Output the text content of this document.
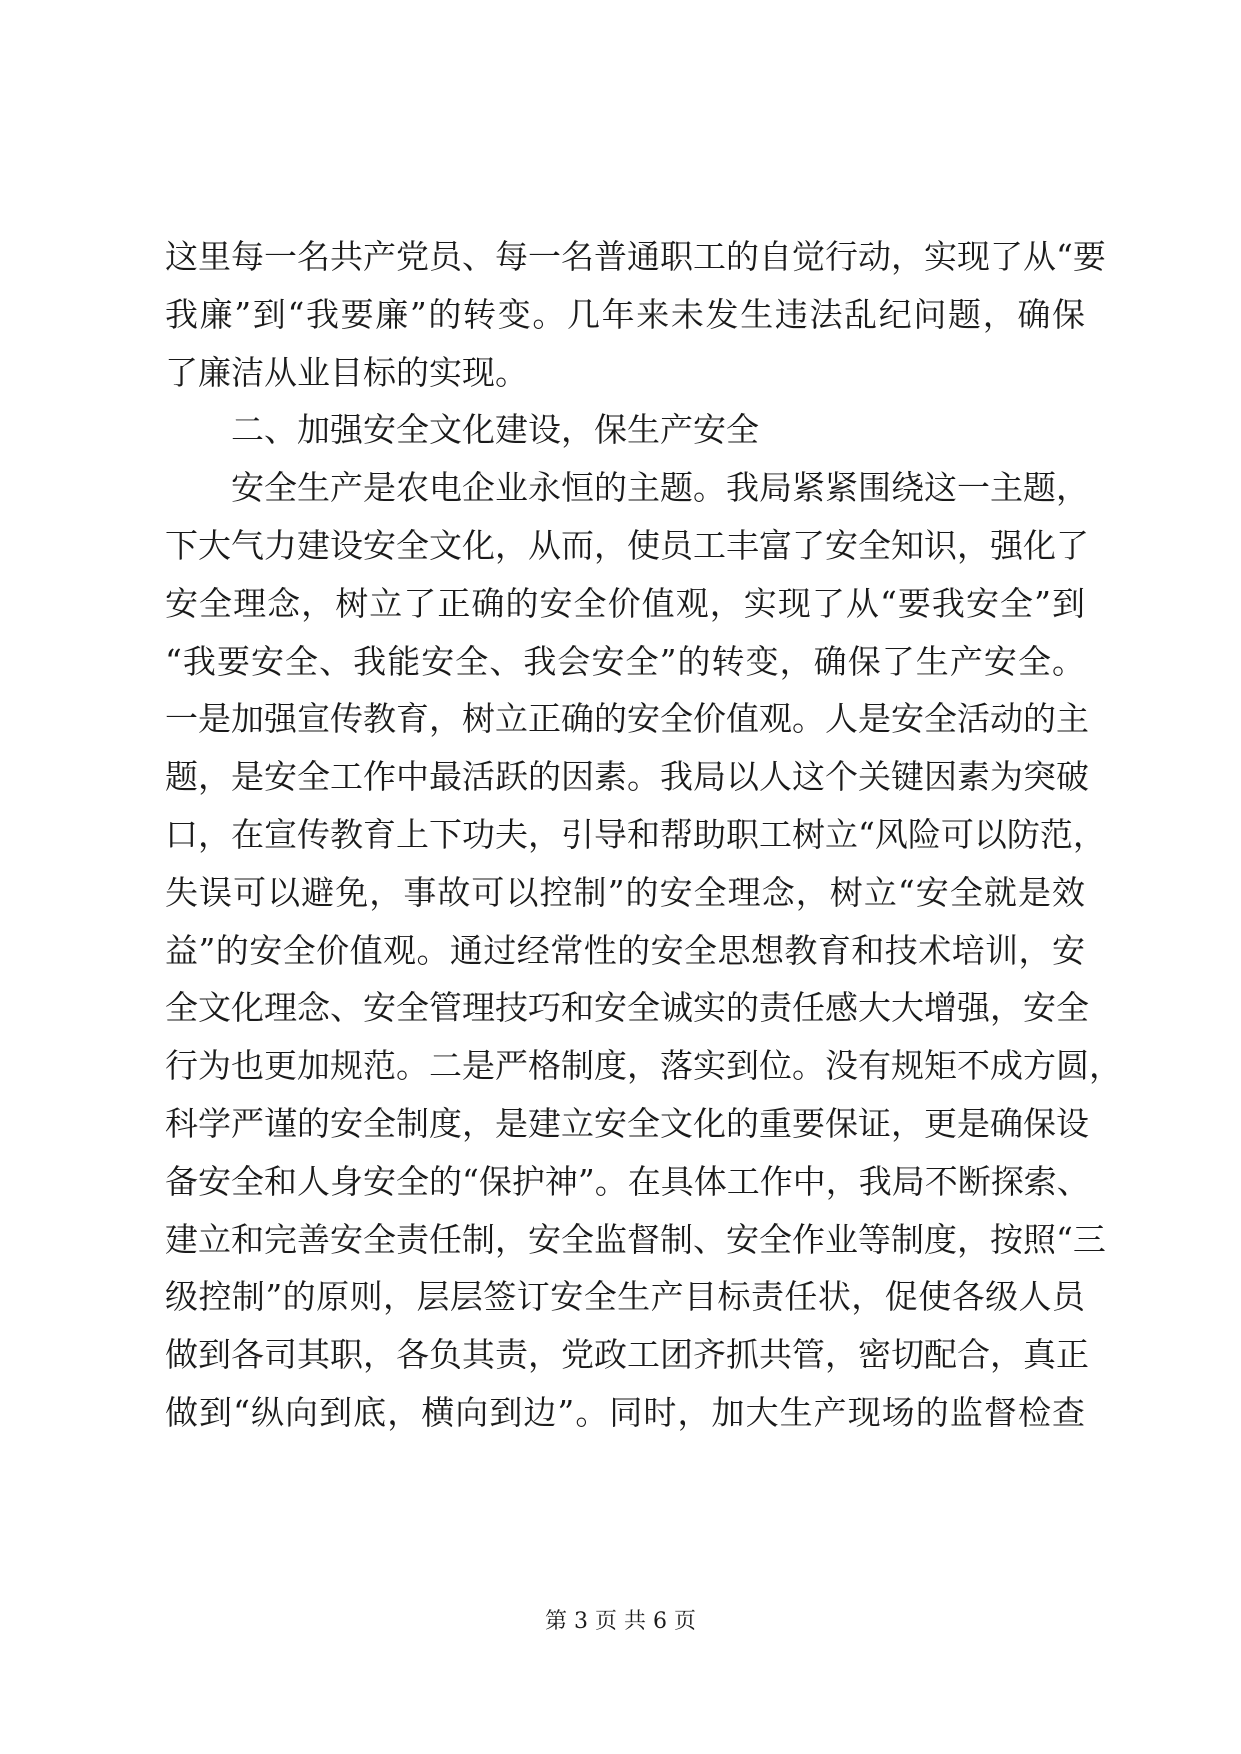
这里每一名共产党员、每一名普通职工的自觉行动，实现了从“要
我廉”到“我要廉”的转变。几年来未发生违法乱纪问题，确保
了廉洁从业目标的实现。
二、加强安全文化建设，保生产安全
安全生产是农电企业永恒的主题。我局紧紧围绕这一主题，
下大气力建设安全文化，从而，使员工丰富了安全知识，强化了
安全理念，树立了正确的安全价值观，实现了从“要我安全”到
“我要安全、我能安全、我会安全”的转变，确保了生产安全。
一是加强宣传教育，树立正确的安全价值观。人是安全活动的主
题，是安全工作中最活跃的因素。我局以人这个关键因素为突破
口，在宣传教育上下功夫，引导和帮助职工树立“风险可以防范，
失误可以避免，事故可以控制”的安全理念，树立“安全就是效
益”的安全价值观。通过经常性的安全思想教育和技术培训，安
全文化理念、安全管理技巧和安全诚实的责任感大大增强，安全
行为也更加规范。二是严格制度，落实到位。没有规矩不成方圆，
科学严谨的安全制度，是建立安全文化的重要保证，更是确保设
备安全和人身安全的“保护神”。在具体工作中，我局不断探索、
建立和完善安全责任制，安全监督制、安全作业等制度，按照“三
级控制”的原则，层层签订安全生产目标责任状，促使各级人员
做到各司其职，各负其责，党政工团齐抓共管，密切配合，真正
做到“纵向到底，横向到边”。同时，加大生产现场的监督检查
第 3 页 共 6 页
